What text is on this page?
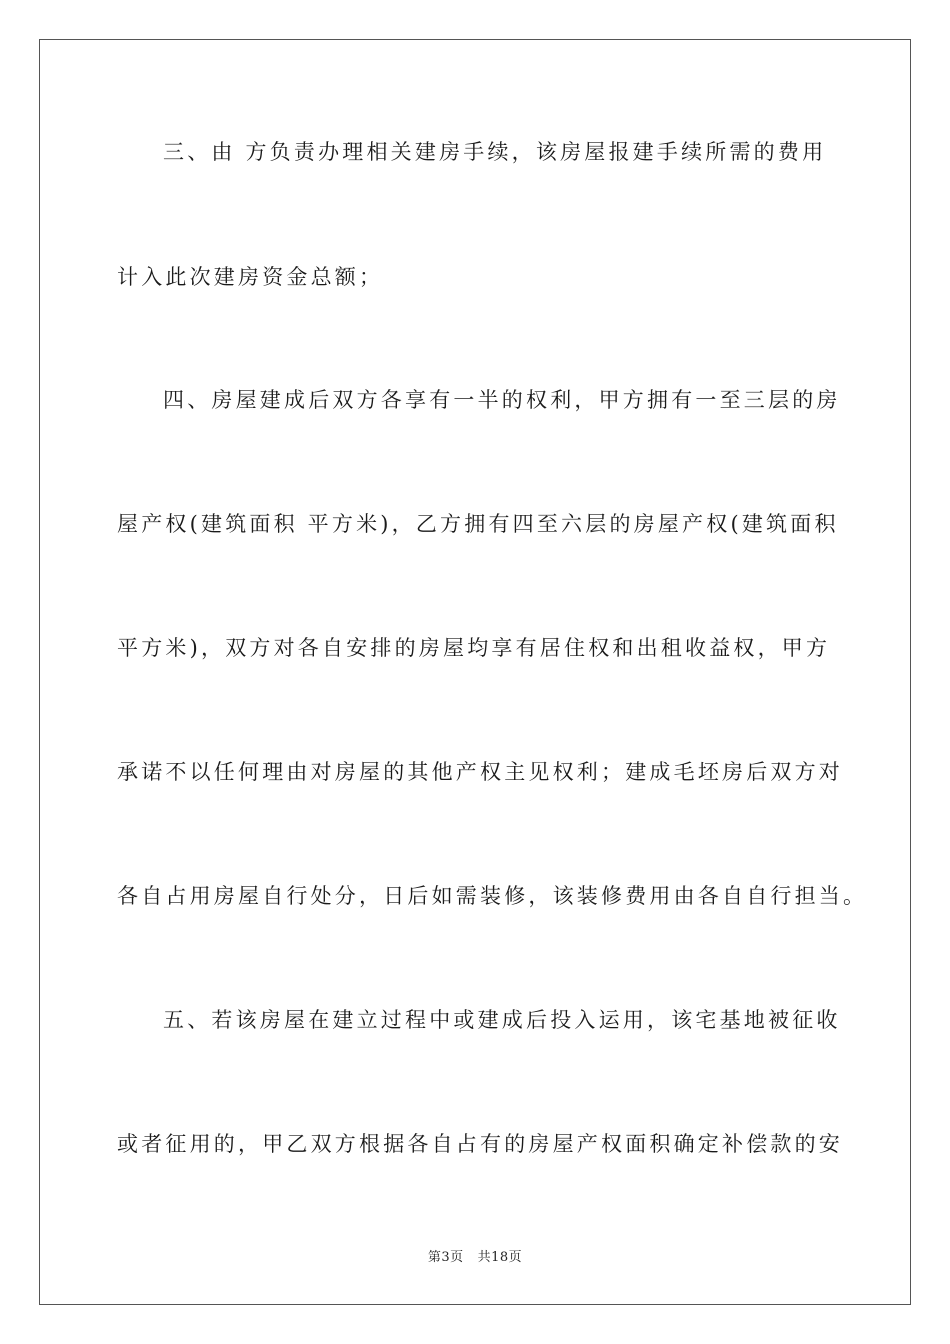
三、由 方负责办理相关建房手续，该房屋报建手续所需的费用
计入此次建房资金总额；
四、房屋建成后双方各享有一半的权利，甲方拥有一至三层的房
屋产权(建筑面积 平方米)，乙方拥有四至六层的房屋产权(建筑面积
平方米)，双方对各自安排的房屋均享有居住权和出租收益权，甲方
承诺不以任何理由对房屋的其他产权主见权利；建成毛坯房后双方对
各自占用房屋自行处分，日后如需装修，该装修费用由各自自行担当。
五、若该房屋在建立过程中或建成后投入运用，该宅基地被征收
或者征用的，甲乙双方根据各自占有的房屋产权面积确定补偿款的安
第3页 共18页
